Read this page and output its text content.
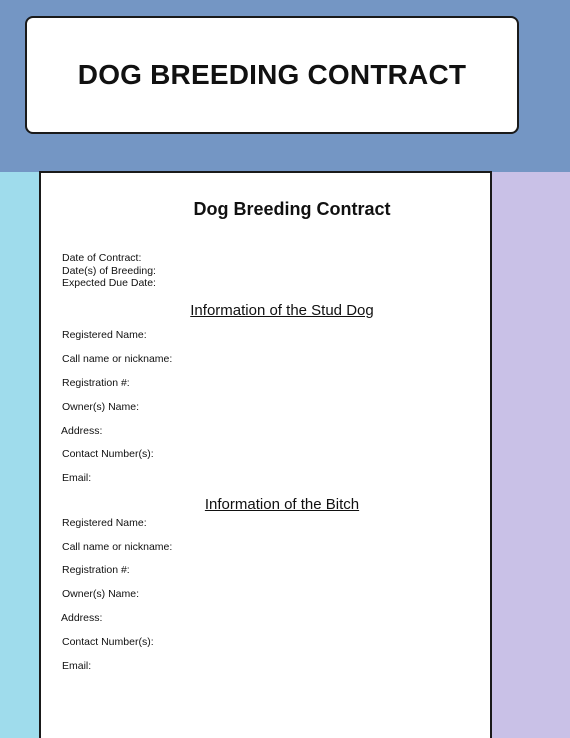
DOG BREEDING CONTRACT
Dog Breeding Contract
Date of Contract:
Date(s) of Breeding:
Expected Due Date:
Information of the Stud Dog
Registered Name:
Call name or nickname:
Registration #:
Owner(s) Name:
Address:
Contact Number(s):
Email:
Information of the Bitch
Registered Name:
Call name or nickname:
Registration #:
Owner(s) Name:
Address:
Contact Number(s):
Email:
